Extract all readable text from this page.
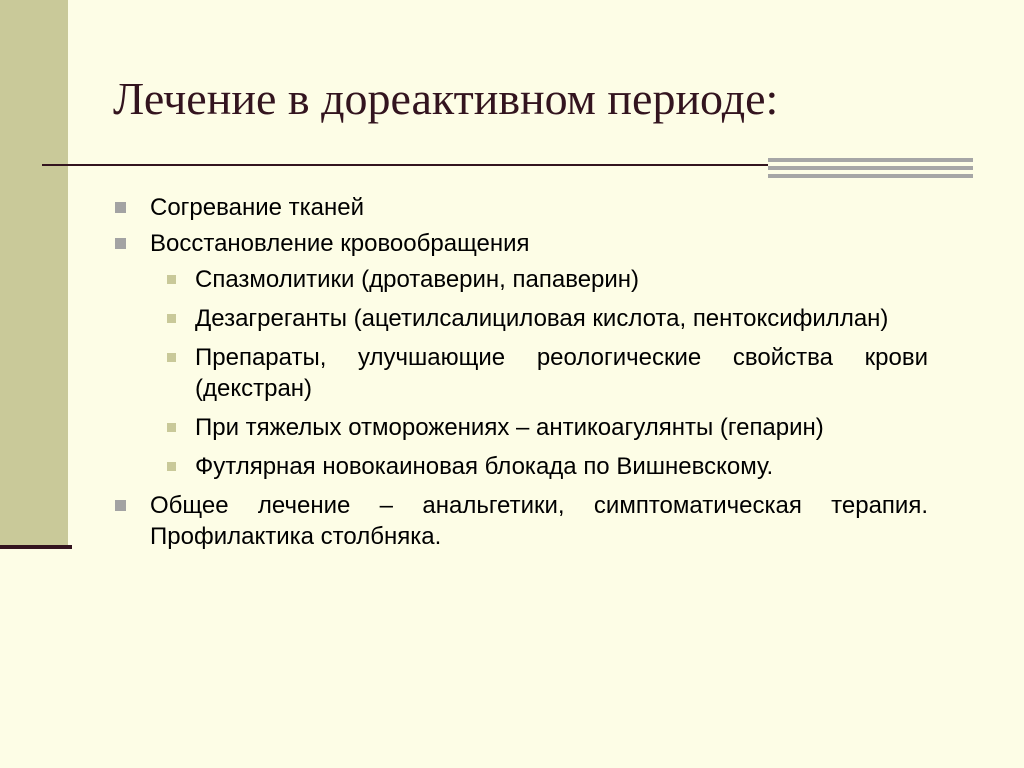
Лечение в дореактивном периоде:
Согревание тканей
Восстановление кровообращения
Спазмолитики (дротаверин, папаверин)
Дезагреганты (ацетилсалициловая кислота, пентоксифиллан)
Препараты, улучшающие реологические свойства крови (декстран)
При тяжелых отморожениях – антикоагулянты (гепарин)
Футлярная новокаиновая блокада по Вишневскому.
Общее лечение – анальгетики, симптоматическая терапия. Профилактика столбняка.
